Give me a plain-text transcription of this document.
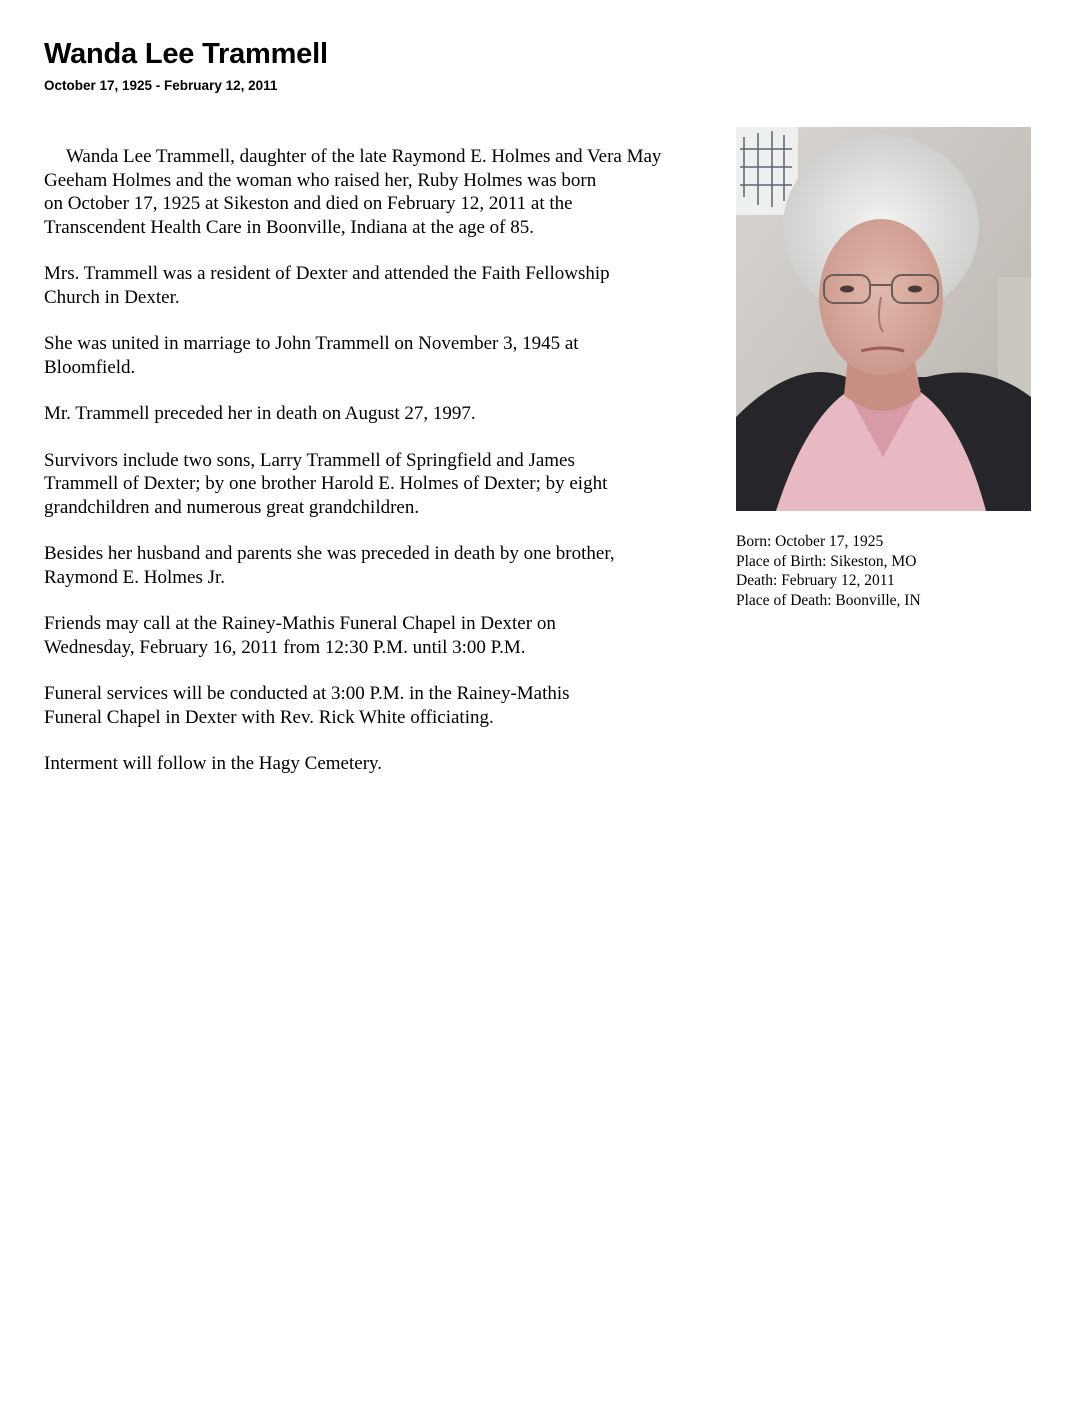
Wanda Lee Trammell
October 17, 1925 - February 12, 2011

Wanda Lee Trammell, daughter of the late Raymond E. Holmes and Vera May
Geeham Holmes and the woman who raised her, Ruby Holmes was born
on October 17, 1925 at Sikeston and died on February 12, 2011 at the
Transcendent Health Care in Boonville, Indiana at the age of 85.

Mrs. Trammell was a resident of Dexter and attended the Faith Fellowship
Church in Dexter.

She was united in marriage to John Trammell on November 3, 1945 at
Bloomfield.

Mr. Trammell preceded her in death on August 27, 1997.

Survivors include two sons, Larry Trammell of Springfield and James
Trammell of Dexter; by one brother Harold E. Holmes of Dexter; by eight
grandchildren and numerous great grandchildren.

Besides her husband and parents she was preceded in death by one brother,
Raymond E. Holmes Jr.

Friends may call at the Rainey-Mathis Funeral Chapel in Dexter on
Wednesday, February 16, 2011 from 12:30 P.M. until 3:00 P.M.

Funeral services will be conducted at 3:00 P.M. in the Rainey-Mathis
Funeral Chapel in Dexter with Rev. Rick White officiating.

Interment will follow in the Hagy Cemetery.

Born: October 17, 1925
Place of Birth: Sikeston, MO
Death: February 12, 2011
Place of Death: Boonville, IN
